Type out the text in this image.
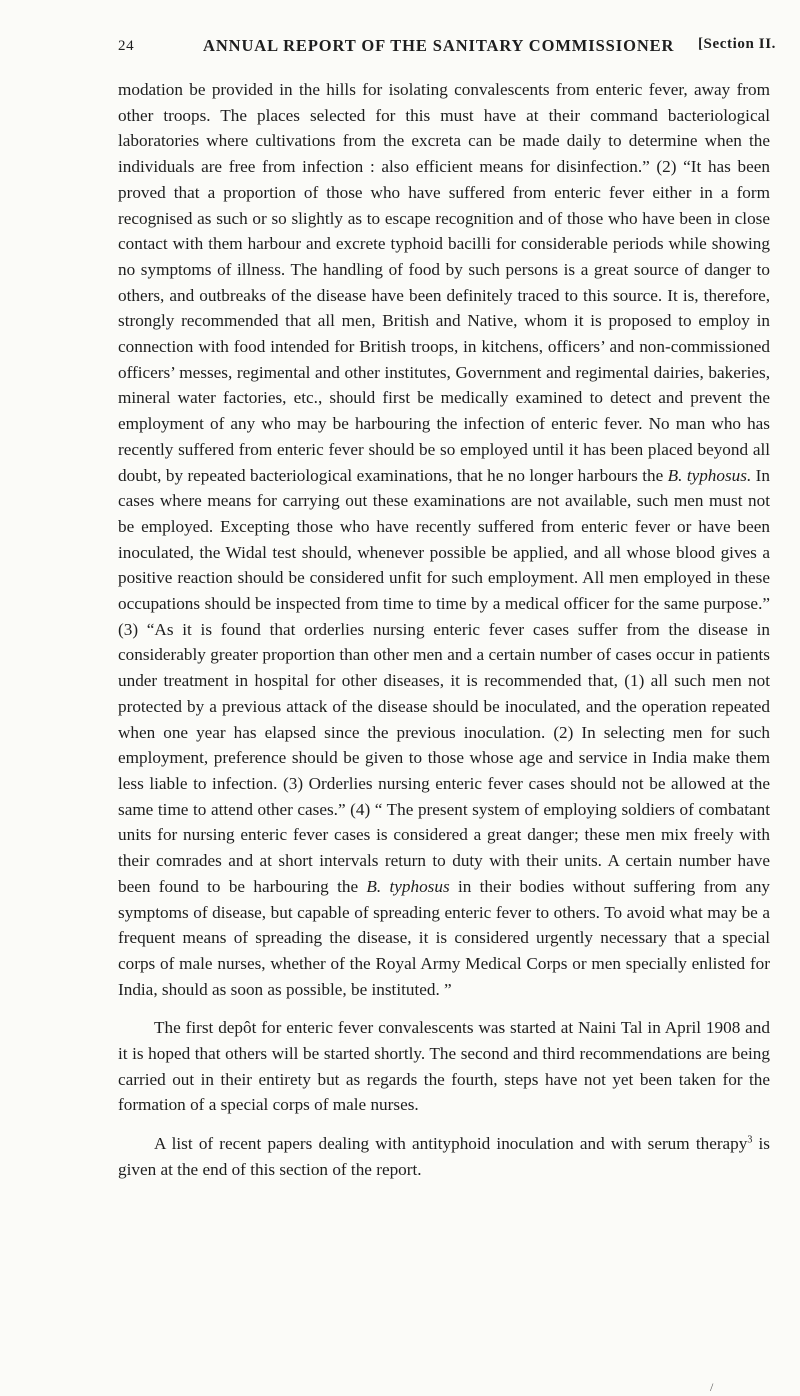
24	ANNUAL REPORT OF THE SANITARY COMMISSIONER [Section II.

modation be provided in the hills for isolating convalescents from enteric fever, away from other troops. The places selected for this must have at their command bacteriological laboratories where cultivations from the excreta can be made daily to determine when the individuals are free from infection : also efficient means for disinfection.” (2) “It has been proved that a proportion of those who have suffered from enteric fever either in a form recognised as such or so slightly as to escape recognition and of those who have been in close contact with them harbour and excrete typhoid bacilli for considerable periods while showing no symptoms of illness. The handling of food by such persons is a great source of danger to others, and outbreaks of the disease have been definitely traced to this source. It is, therefore, strongly recommended that all men, British and Native, whom it is proposed to employ in connection with food intended for British troops, in kitchens, officers’ and non-commissioned officers’ messes, regimental and other institutes, Government and regimental dairies, bakeries, mineral water factories, etc., should first be medically examined to detect and prevent the employment of any who may be harbouring the infection of enteric fever. No man who has recently suffered from enteric fever should be so employed until it has been placed beyond all doubt, by repeated bacteriological examinations, that he no longer harbours the B. typhosus. In cases where means for carrying out these examinations are not available, such men must not be employed. Excepting those who have recently suffered from enteric fever or have been inoculated, the Widal test should, whenever possible be applied, and all whose blood gives a positive reaction should be considered unfit for such employment. All men employed in these occupations should be inspected from time to time by a medical officer for the same purpose.” (3) “As it is found that orderlies nursing enteric fever cases suffer from the disease in considerably greater proportion than other men and a certain number of cases occur in patients under treatment in hospital for other diseases, it is recommended that, (1) all such men not protected by a previous attack of the disease should be inoculated, and the operation repeated when one year has elapsed since the previous inoculation. (2) In selecting men for such employment, preference should be given to those whose age and service in India make them less liable to infection. (3) Orderlies nursing enteric fever cases should not be allowed at the same time to attend other cases.” (4) “ The present system of employing soldiers of combatant units for nursing enteric fever cases is considered a great danger; these men mix freely with their comrades and at short intervals return to duty with their units. A certain number have been found to be harbouring the B. typhosus in their bodies without suffering from any symptoms of disease, but capable of spreading enteric fever to others. To avoid what may be a frequent means of spreading the disease, it is considered urgently necessary that a special corps of male nurses, whether of the Royal Army Medical Corps or men specially enlisted for India, should as soon as possible, be instituted. ”

The first depôt for enteric fever convalescents was started at Naini Tal in April 1908 and it is hoped that others will be started shortly. The second and third recommendations are being carried out in their entirety but as regards the fourth, steps have not yet been taken for the formation of a special corps of male nurses.

A list of recent papers dealing with antityphoid inoculation and with serum therapy$^3$ is given at the end of this section of the report.

/
